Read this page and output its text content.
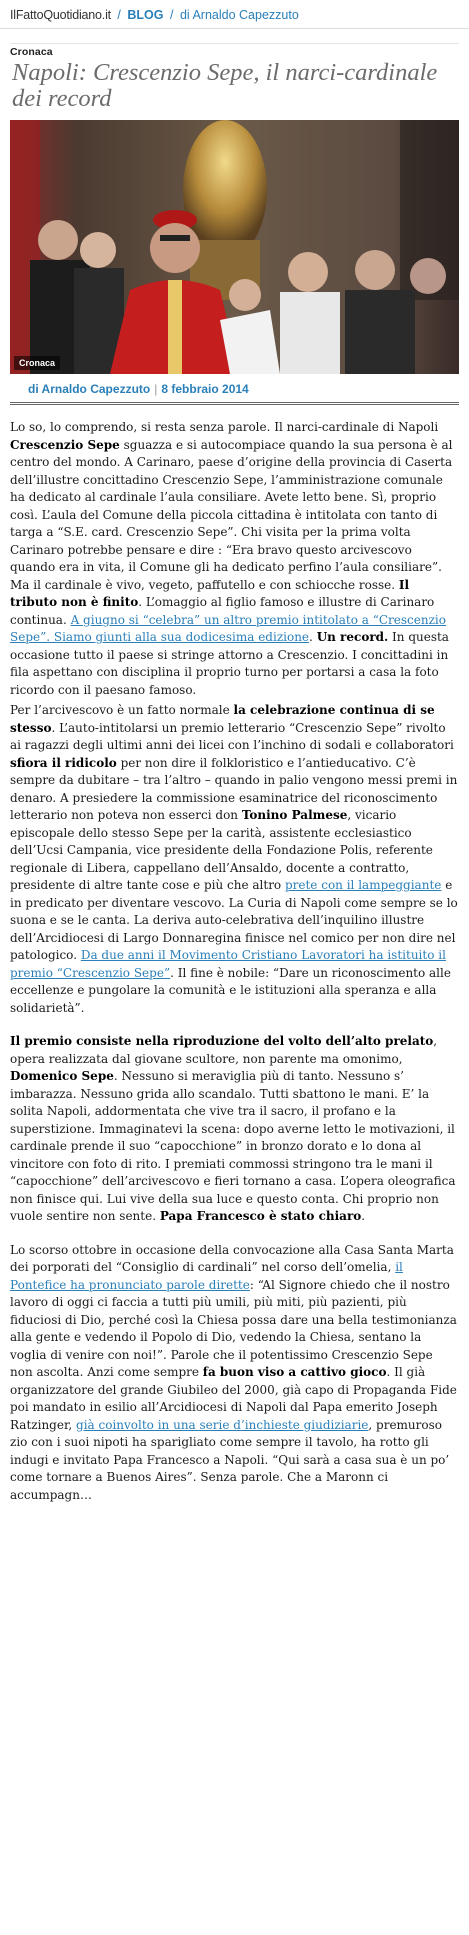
IlFattoQuotidiano.it / BLOG / di Arnaldo Capezzuto
Cronaca
Napoli: Crescenzio Sepe, il narci-cardinale dei record
Cronaca
di Arnaldo Capezzuto | 8 febbraio 2014

Lo so, lo comprendo, si resta senza parole. Il narci-cardinale di Napoli Crescenzio Sepe sguazza e si autocompiace quando la sua persona è al centro del mondo. A Carinaro, paese d’origine della provincia di Caserta dell’illustre concittadino Crescenzio Sepe, l’amministrazione comunale ha dedicato al cardinale l’aula consiliare. Avete letto bene. Sì, proprio così. L’aula del Comune della piccola cittadina è intitolata con tanto di targa a “S.E. card. Crescenzio Sepe”. Chi visita per la prima volta Carinaro potrebbe pensare e dire : “Era bravo questo arcivescovo quando era in vita, il Comune gli ha dedicato perfino l’aula consiliare”. Ma il cardinale è vivo, vegeto, paffutello e con schiocche rosse. Il tributo non è finito. L’omaggio al figlio famoso e illustre di Carinaro continua. A giugno si “celebra” un altro premio intitolato a “Crescenzio Sepe”. Siamo giunti alla sua dodicesima edizione. Un record. In questa occasione tutto il paese si stringe attorno a Crescenzio. I concittadini in fila aspettano con disciplina il proprio turno per portarsi a casa la foto ricordo con il paesano famoso.

Per l’arcivescovo è un fatto normale la celebrazione continua di se stesso. L’auto-intitolarsi un premio letterario “Crescenzio Sepe” rivolto ai ragazzi degli ultimi anni dei licei con l’inchino di sodali e collaboratori sfiora il ridicolo per non dire il folkloristico e l’antieducativo. C’è sempre da dubitare – tra l’altro – quando in palio vengono messi premi in denaro. A presiedere la commissione esaminatrice del riconoscimento letterario non poteva non esserci don Tonino Palmese, vicario episcopale dello stesso Sepe per la carità, assistente ecclesiastico dell’Ucsi Campania, vice presidente della Fondazione Polis, referente regionale di Libera, cappellano dell’Ansaldo, docente a contratto, presidente di altre tante cose e più che altro prete con il lampeggiante e in predicato per diventare vescovo. La Curia di Napoli come sempre se lo suona e se le canta. La deriva auto-celebrativa dell’inquilino illustre dell’Arcidiocesi di Largo Donnaregina finisce nel comico per non dire nel patologico. Da due anni il Movimento Cristiano Lavoratori ha istituito il premio “Crescenzio Sepe”. Il fine è nobile: “Dare un riconoscimento alle eccellenze e pungolare la comunità e le istituzioni alla speranza e alla solidarietà”.

Il premio consiste nella riproduzione del volto dell’alto prelato, opera realizzata dal giovane scultore, non parente ma omonimo, Domenico Sepe. Nessuno si meraviglia più di tanto. Nessuno s’ imbarazza. Nessuno grida allo scandalo. Tutti sbattono le mani. E’ la solita Napoli, addormentata che vive tra il sacro, il profano e la superstizione. Immaginatevi la scena: dopo averne letto le motivazioni, il cardinale prende il suo “capocchione” in bronzo dorato e lo dona al vincitore con foto di rito. I premiati commossi stringono tra le mani il “capocchione” dell’arcivescovo e fieri tornano a casa. L’opera oleografica non finisce qui. Lui vive della sua luce e questo conta. Chi proprio non vuole sentire non sente. Papa Francesco è stato chiaro.

Lo scorso ottobre in occasione della convocazione alla Casa Santa Marta dei porporati del “Consiglio di cardinali” nel corso dell’omelia, il Pontefice ha pronunciato parole dirette: “Al Signore chiedo che il nostro lavoro di oggi ci faccia a tutti più umili, più miti, più pazienti, più fiduciosi di Dio, perché così la Chiesa possa dare una bella testimonianza alla gente e vedendo il Popolo di Dio, vedendo la Chiesa, sentano la voglia di venire con noi!”. Parole che il potentissimo Crescenzio Sepe non ascolta. Anzi come sempre fa buon viso a cattivo gioco. Il già organizzatore del grande Giubileo del 2000, già capo di Propaganda Fide poi mandato in esilio all’Arcidiocesi di Napoli dal Papa emerito Joseph Ratzinger, già coinvolto in una serie d’inchieste giudiziarie, premuroso zio con i suoi nipoti ha sparigliato come sempre il tavolo, ha rotto gli indugi e invitato Papa Francesco a Napoli. “Qui sarà a casa sua è un po’ come tornare a Buenos Aires”. Senza parole. Che a Maronn ci accumpagn…
